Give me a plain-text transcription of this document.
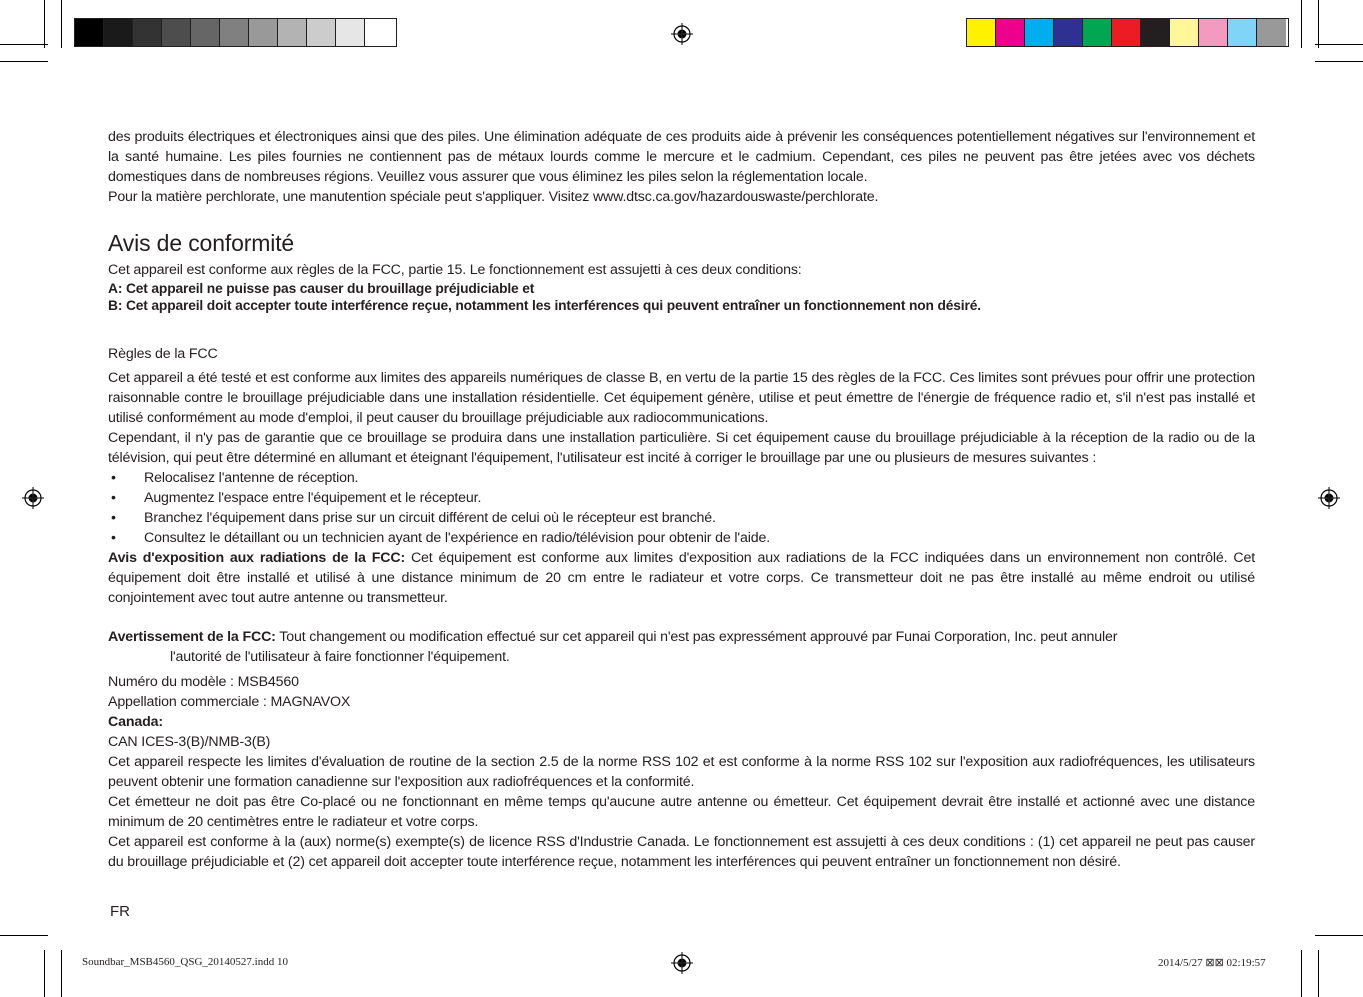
des produits électriques et électroniques ainsi que des piles. Une élimination adéquate de ces produits aide à prévenir les conséquences potentiellement négatives sur l'environnement et la santé humaine. Les piles fournies ne contiennent pas de métaux lourds comme le mercure et le cadmium. Cependant, ces piles ne peuvent pas être jetées avec vos déchets domestiques dans de nombreuses régions. Veuillez vous assurer que vous éliminez les piles selon la réglementation locale.

Pour la matière perchlorate, une manutention spéciale peut s'appliquer. Visitez www.dtsc.ca.gov/hazardouswaste/perchlorate.

Avis de conformité

Cet appareil est conforme aux règles de la FCC, partie 15. Le fonctionnement est assujetti à ces deux conditions:

A: Cet appareil ne puisse pas causer du brouillage préjudiciable et

B: Cet appareil doit accepter toute interférence reçue, notamment les interférences qui peuvent entraîner un fonctionnement non désiré.

Règles de la FCC

Cet appareil a été testé et est conforme aux limites des appareils numériques de classe B, en vertu de la partie 15 des règles de la FCC. Ces limites sont prévues pour offrir une protection raisonnable contre le brouillage préjudiciable dans une installation résidentielle. Cet équipement génère, utilise et peut émettre de l'énergie de fréquence radio et, s'il n'est pas installé et utilisé conformément au mode d'emploi, il peut causer du brouillage préjudiciable aux radiocommunications.

Cependant, il n'y pas de garantie que ce brouillage se produira dans une installation particulière. Si cet équipement cause du brouillage préjudiciable à la réception de la radio ou de la télévision, qui peut être déterminé en allumant et éteignant l'équipement, l'utilisateur est incité à corriger le brouillage par une ou plusieurs de mesures suivantes :

• Relocalisez l'antenne de réception.
• Augmentez l'espace entre l'équipement et le récepteur.
• Branchez l'équipement dans prise sur un circuit différent de celui où le récepteur est branché.
• Consultez le détaillant ou un technicien ayant de l'expérience en radio/télévision pour obtenir de l'aide.

Avis d'exposition aux radiations de la FCC: Cet équipement est conforme aux limites d'exposition aux radiations de la FCC indiquées dans un environnement non contrôlé. Cet équipement doit être installé et utilisé à une distance minimum de 20 cm entre le radiateur et votre corps. Ce transmetteur doit ne pas être installé au même endroit ou utilisé conjointement avec tout autre antenne ou transmetteur.

Avertissement de la FCC: Tout changement ou modification effectué sur cet appareil qui n'est pas expressément approuvé par Funai Corporation, Inc. peut annuler

l'autorité de l'utilisateur à faire fonctionner l'équipement.

Numéro du modèle : MSB4560

Appellation commerciale : MAGNAVOX

Canada:

CAN ICES-3(B)/NMB-3(B)

Cet appareil respecte les limites d'évaluation de routine de la section 2.5 de la norme RSS 102 et est conforme à la norme RSS 102 sur l'exposition aux radiofréquences, les utilisateurs peuvent obtenir une formation canadienne sur l'exposition aux radiofréquences et la conformité.

Cet émetteur ne doit pas être Co-placé ou ne fonctionnant en même temps qu'aucune autre antenne ou émetteur. Cet équipement devrait être installé et actionné avec une distance minimum de 20 centimètres entre le radiateur et votre corps.

Cet appareil est conforme à la (aux) norme(s) exempte(s) de licence RSS d'Industrie Canada. Le fonctionnement est assujetti à ces deux conditions : (1) cet appareil ne peut pas causer du brouillage préjudiciable et (2) cet appareil doit accepter toute interférence reçue, notamment les interférences qui peuvent entraîner un fonctionnement non désiré.

FR
Soundbar_MSB4560_QSG_20140527.indd 10	2014/5/27 ⊠⊠ 02:19:57
